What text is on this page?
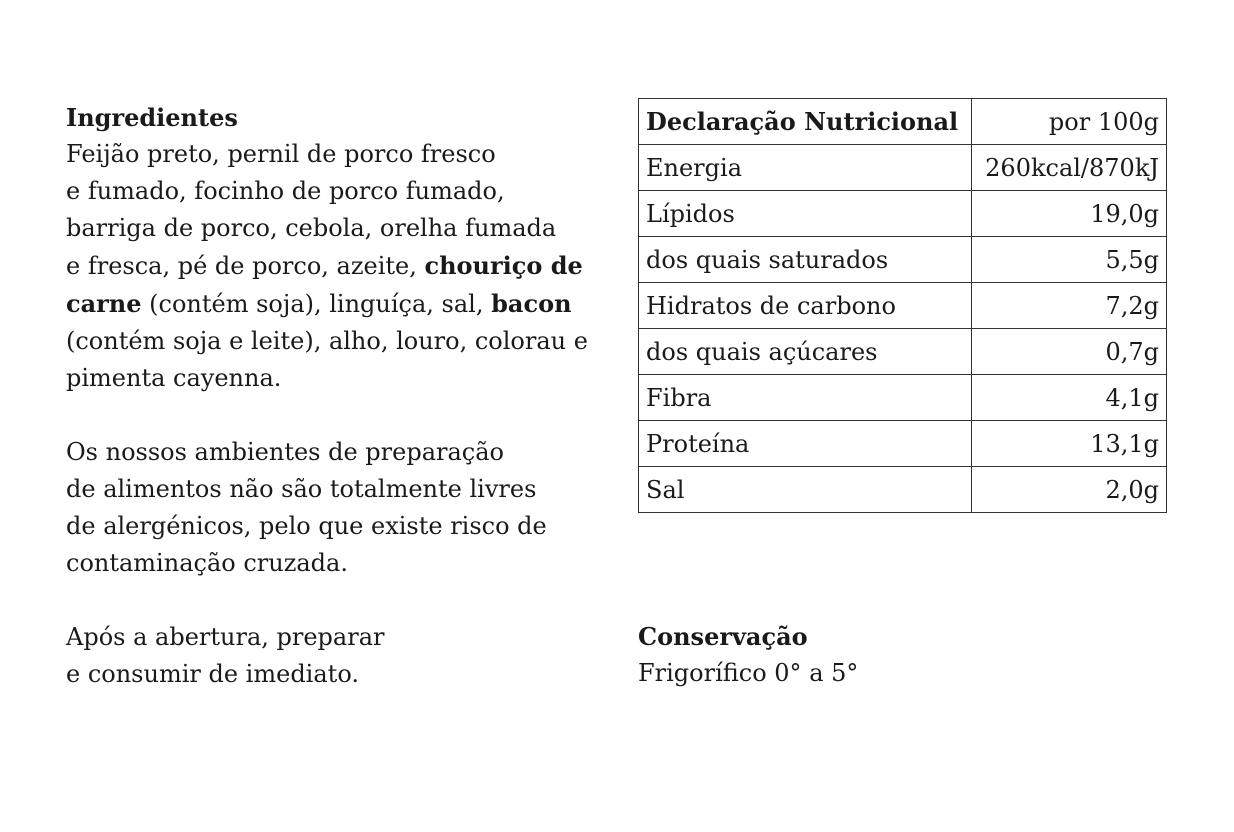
Ingredientes

Feijão preto, pernil de porco fresco
e fumado, focinho de porco fumado,
barriga de porco, cebola, orelha fumada
e fresca, pé de porco, azeite, chouriço de
carne (contém soja), linguíça, sal, bacon
(contém soja e leite), alho, louro, colorau e
pimenta cayenna.

Os nossos ambientes de preparação
de alimentos não são totalmente livres
de alergénicos, pelo que existe risco de
contaminação cruzada.

Após a abertura, preparar
e consumir de imediato.

Declaração Nutricional	por 100g
Energia	260kcal/870kJ
Lípidos	19,0g
dos quais saturados	5,5g
Hidratos de carbono	7,2g
dos quais açúcares	0,7g
Fibra	4,1g
Proteína	13,1g
Sal	2,0g
Conservação
Frigorífico 0° a 5°
